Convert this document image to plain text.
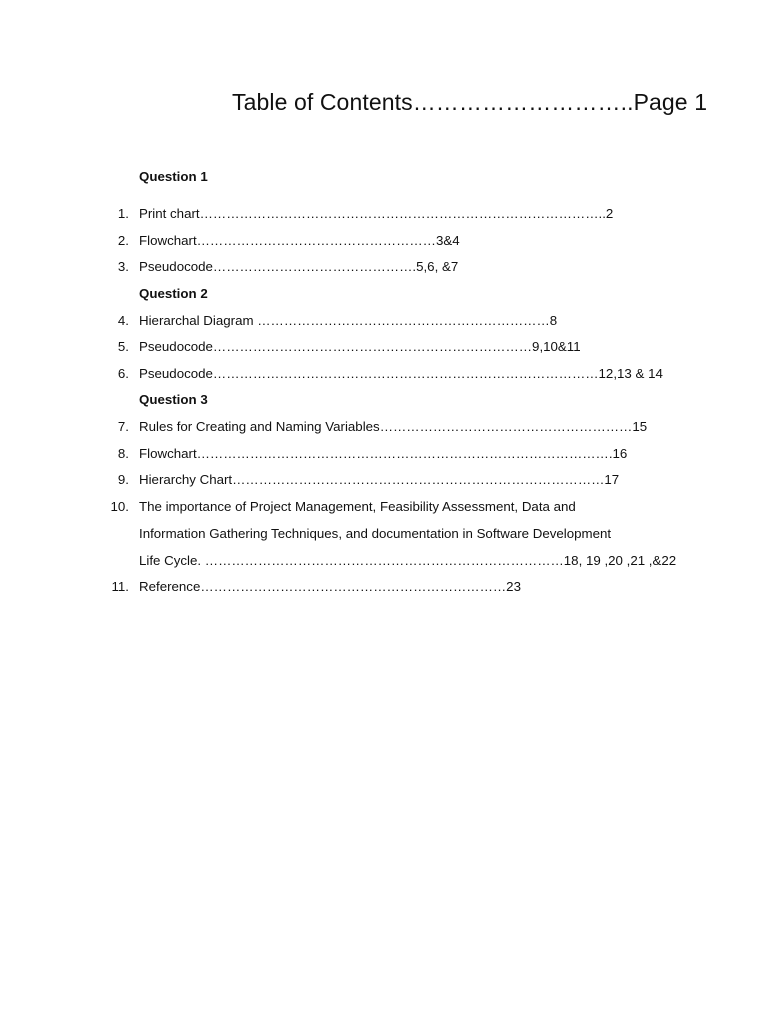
Table of Contents………………………..Page 1
Question 1
1. Print chart………………………………………………………………………………..2
2. Flowchart………………………………………………3&4
3. Pseudocode……………………………………….5,6, &7
Question 2
4. Hierarchal Diagram …………………………………………………………8
5. Pseudocode………………………………………………………………9,10&11
6. Pseudocode……………………………………………………………………………12,13 & 14
Question 3
7. Rules for Creating and Naming Variables…………………………………………………15
8. Flowchart………………………………………………………………………………….16
9. Hierarchy Chart…………………………………………………………………………17
10. The importance of Project Management, Feasibility Assessment, Data and
Information Gathering Techniques, and documentation in Software Development
Life Cycle. ………………………………………………………………………18, 19 ,20 ,21 ,&22
11. Reference……………………………………………………………23
